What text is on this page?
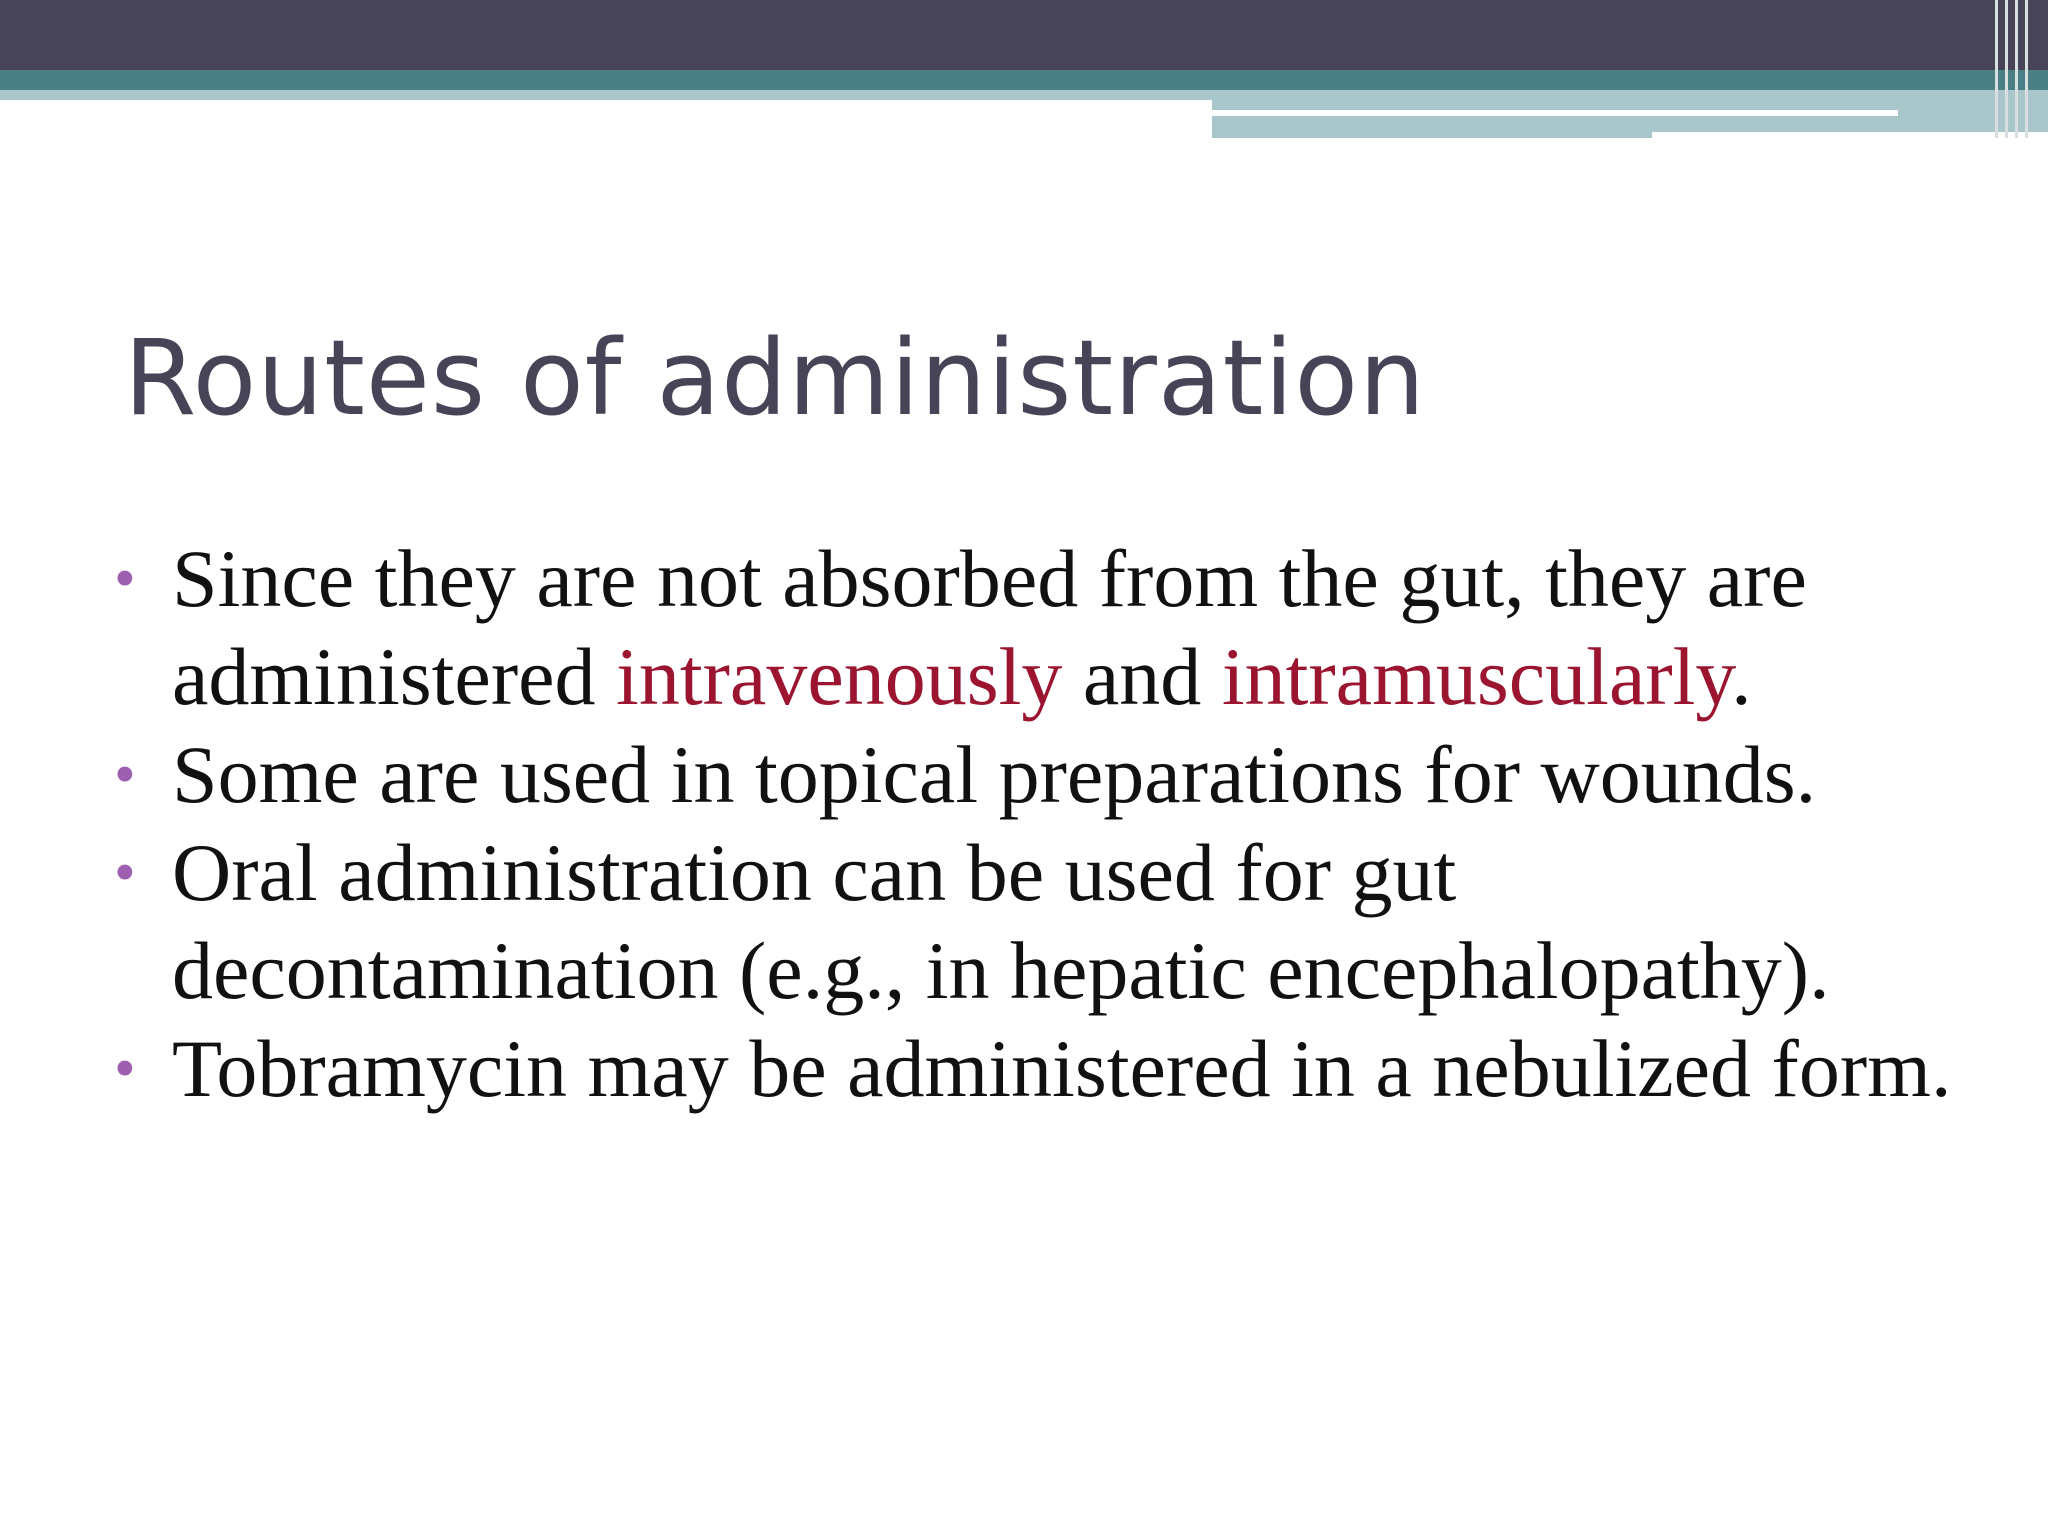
Routes of administration
• Since they are not absorbed from the gut, they are administered intravenously and intramuscularly.
• Some are used in topical preparations for wounds.
• Oral administration can be used for gut decontamination (e.g., in hepatic encephalopathy).
• Tobramycin may be administered in a nebulized form.
